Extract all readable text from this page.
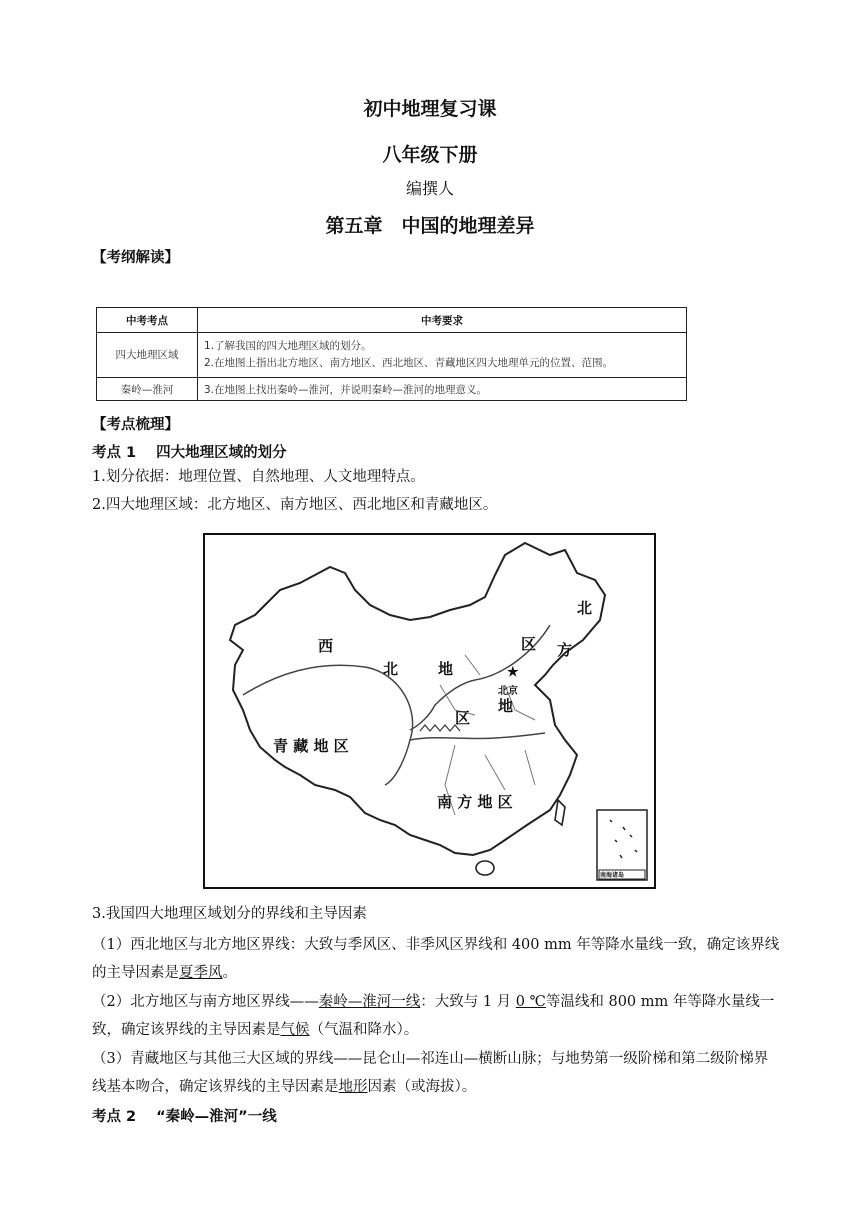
初中地理复习课
八年级下册
编撰人
第五章　中国的地理差异
【考纲解读】
中考考点	中考要求
四大地理区域	1.了解我国的四大地理区域的划分。
2.在地图上指出北方地区、南方地区、西北地区、青藏地区四大地理单元的位置、范围。

秦岭—淮河	3.在地图上找出秦岭—淮河，并说明秦岭—淮河的地理意义。
【考点梳理】
考点 1 四大地理区域的划分
1.划分依据：地理位置、自然地理、人文地理特点。
2.四大地理区域：北方地区、南方地区、西北地区和青藏地区。
西
北	地
区
北
区 方
★
北京
地
青 藏 地 区
南 方 地 区
南海诸岛
3.我国四大地理区域划分的界线和主导因素
（1）西北地区与北方地区界线：大致与季风区、非季风区界线和 400 mm 年等降水量线一致，确定该界线的主导因素是夏季风。
（2）北方地区与南方地区界线——秦岭—淮河一线：大致与 1 月 0 ℃等温线和 800 mm 年等降水量线一致，确定该界线的主导因素是气候（气温和降水）。
（3）青藏地区与其他三大区域的界线——昆仑山—祁连山—横断山脉；与地势第一级阶梯和第二级阶梯界线基本吻合，确定该界线的主导因素是地形因素（或海拔）。
考点 2 “秦岭—淮河”一线
